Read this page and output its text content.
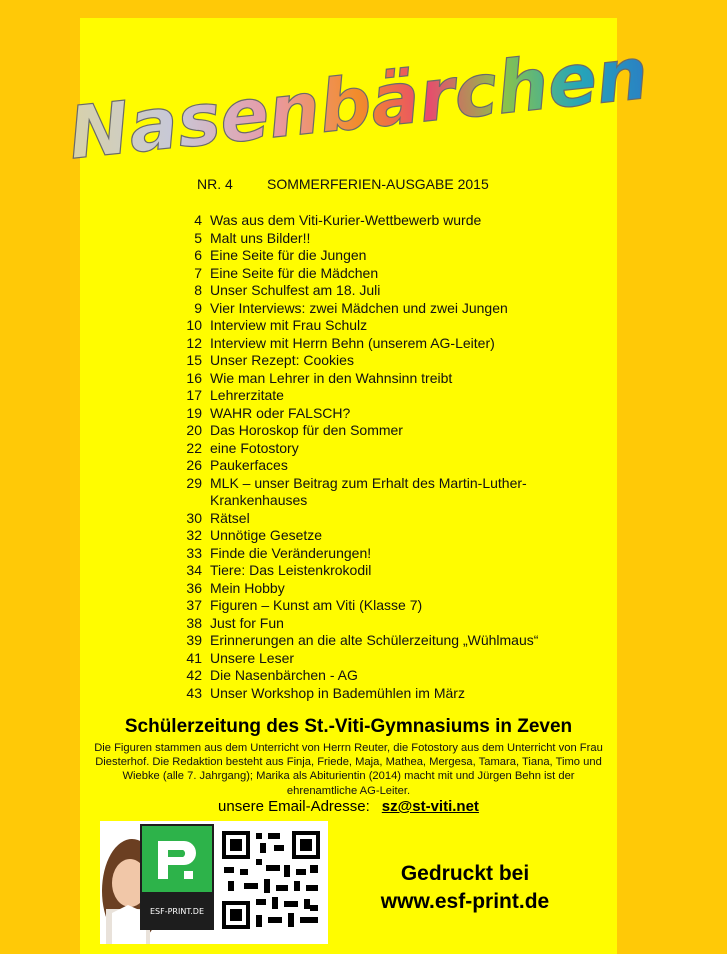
Nasenbärchen
NR. 4 SOMMERFERIEN-AUSGABE 2015
4 Was aus dem Viti-Kurier-Wettbewerb wurde
5 Malt uns Bilder!!
6 Eine Seite für die Jungen
7 Eine Seite für die Mädchen
8 Unser Schulfest am 18. Juli
9 Vier Interviews: zwei Mädchen und zwei Jungen
10 Interview mit Frau Schulz
12 Interview mit Herrn Behn (unserem AG-Leiter)
15 Unser Rezept: Cookies
16 Wie man Lehrer in den Wahnsinn treibt
17 Lehrerzitate
19 WAHR oder FALSCH?
20 Das Horoskop für den Sommer
22 eine Fotostory
26 Paukerfaces
29 MLK – unser Beitrag zum Erhalt des Martin-Luther-Krankenhauses
30 Rätsel
32 Unnötige Gesetze
33 Finde die Veränderungen!
34 Tiere: Das Leistenkrokodil
36 Mein Hobby
37 Figuren – Kunst am Viti (Klasse 7)
38 Just for Fun
39 Erinnerungen an die alte Schülerzeitung „Wühlmaus“
41 Unsere Leser
42 Die Nasenbärchen - AG
43 Unser Workshop in Bademühlen im März
Schülerzeitung des St.-Viti-Gymnasiums in Zeven
Die Figuren stammen aus dem Unterricht von Herrn Reuter, die Fotostory aus dem Unterricht von Frau Diesterhof. Die Redaktion besteht aus Finja, Friede, Maja, Mathea, Mergesa, Tamara, Tiana, Timo und Wiebke (alle 7. Jahrgang); Marika als Abiturientin (2014) macht mit und Jürgen Behn ist der ehrenamtliche AG-Leiter.
unsere Email-Adresse: sz@st-viti.net
ESF-PRINT.DE
Gedruckt bei
www.esf-print.de
